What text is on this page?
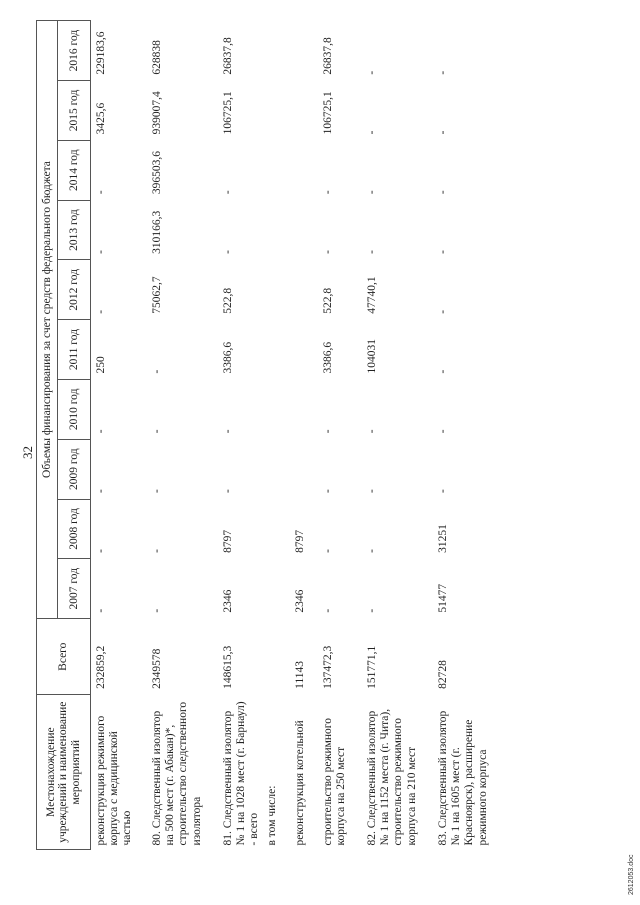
32
Местонахождение учреждений и наименование мероприятий	Всего	Объемы финансирования за счет средств федерального бюджета									
		2007 год	2008 год	2009 год	2010 год	2011 год	2012 год	2013 год	2014 год	2015 год	2016 год
реконструкция режимного корпуса с медицинской частью	232859,2	-	-	-	-	250	-	-	-	3425,6	229183,6
80. Следственный изолятор на 500 мест (г. Абакан)*, строительство следственного изолятора	2349578	-	-	-	-	-	75062,7	310166,3	396503,6	939007,4	628838
81. Следственный изолятор № 1 на 1028 мест (г. Барнаул) - всего	148615,3	2346	8797	-	-	3386,6	522,8	-	-	106725,1	26837,8
в том числе:											
реконструкция котельной	11143	2346	8797								
строительство режимного корпуса на 250 мест	137472,3	-	-	-	-	3386,6	522,8	-	-	106725,1	26837,8
82. Следственный изолятор № 1 на 1152 места (г. Чита), строительство режимного корпуса на 210 мест	151771,1	-	-	-	-	104031	47740,1	-	-	-	-
83. Следственный изолятор № 1 на 1605 мест (г. Красноярск), расширение режимного корпуса	82728	51477	31251	-	-	-	-	-	-	-	-
2612053.doc
